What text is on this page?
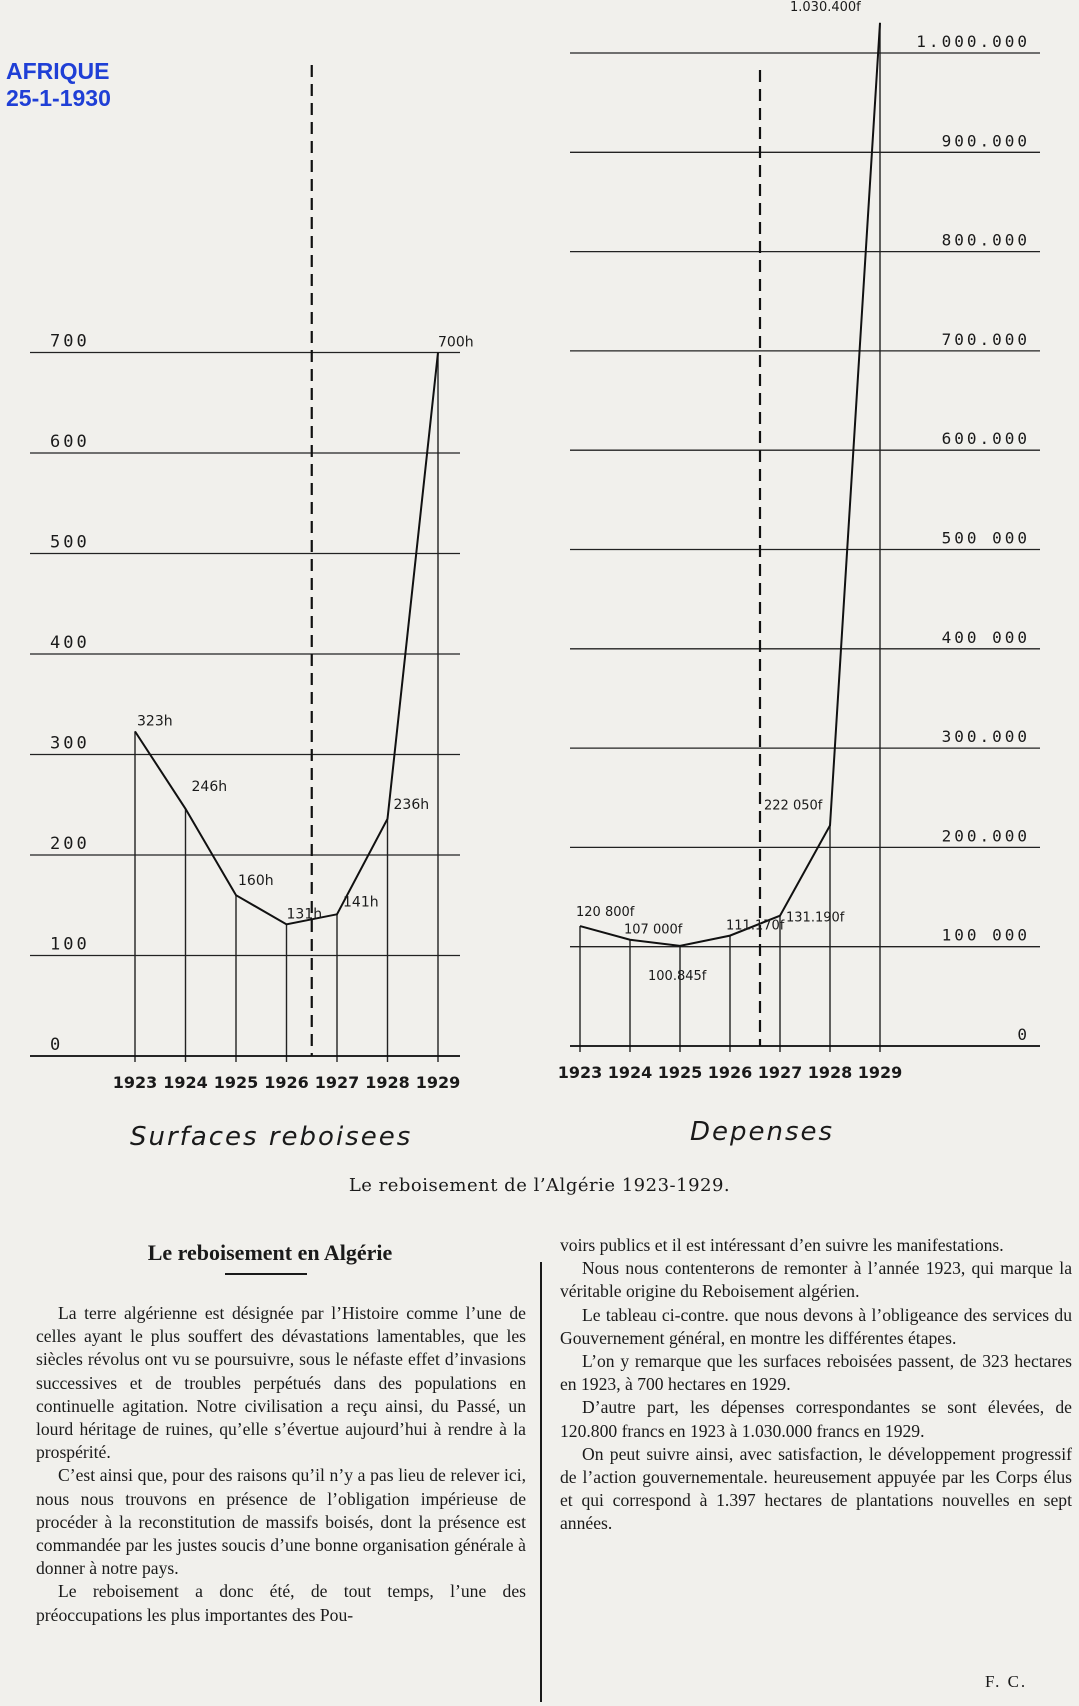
AFRIQUE
25-1-1930
0
100
200
300
400
500
600
700
1923 1924 1925 1926 1927 1928 1929
323h
246h
160h
131h
141h
236h
700h
0
100 000
200.000
300.000
400 000
500 000
600.000
700.000
800.000
900.000
1.000.000
1923 1924 1925 1926 1927 1928 1929
120 800f
107 000f
100.845f
111.170f
131.190f
222 050f
1.030.400f
Surfaces reboisees	Depenses
Le reboisement de l’Algérie 1923-1929.
Le reboisement en Algérie

La terre algérienne est désignée par l’Histoire comme l’une de celles ayant le plus souffert des dévastations lamentables, que les siècles révolus ont vu se poursuivre, sous le néfaste effet d’invasions successives et de troubles perpétués dans des populations en continuelle agitation. Notre civilisation a reçu ainsi, du Passé, un lourd héritage de ruines, qu’elle s’évertue aujourd’hui à rendre à la prospérité.

C’est ainsi que, pour des raisons qu’il n’y a pas lieu de relever ici, nous nous trouvons en présence de l’obligation impérieuse de procéder à la reconstitution de massifs boisés, dont la présence est commandée par les justes soucis d’une bonne organisation générale à donner à notre pays.

Le reboisement a donc été, de tout temps, l’une des préoccupations les plus importantes des Pou-

voirs publics et il est intéressant d’en suivre les manifestations.

Nous nous contenterons de remonter à l’année 1923, qui marque la véritable origine du Reboisement algérien.

Le tableau ci-contre. que nous devons à l’obligeance des services du Gouvernement général, en montre les différentes étapes.

L’on y remarque que les surfaces reboisées passent, de 323 hectares en 1923, à 700 hectares en 1929.

D’autre part, les dépenses correspondantes se sont élevées, de 120.800 francs en 1923 à 1.030.000 francs en 1929.

On peut suivre ainsi, avec satisfaction, le développement progressif de l’action gouvernementale. heureusement appuyée par les Corps élus et qui correspond à 1.397 hectares de plantations nouvelles en sept années.

F. C.
